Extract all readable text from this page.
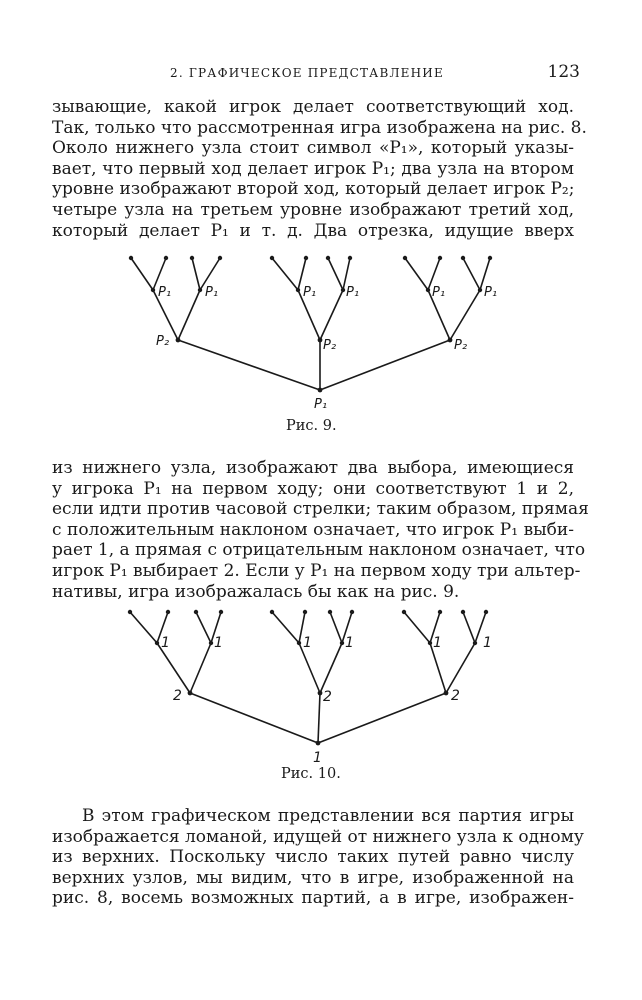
2. ГРАФИЧЕСКОЕ ПРЕДСТАВЛЕНИЕ	123
зывающие, какой игрок делает соответствующий ход.
Так, только что рассмотренная игра изображена на рис. 8.
Около нижнего узла стоит символ «P₁», который указы-
вает, что первый ход делает игрок P₁; два узла на втором
уровне изображают второй ход, который делает игрок P₂;
четыре узла на третьем уровне изображают третий ход,
который делает P₁ и т. д. Два отрезка, идущие вверх
P₁
P₂	P₂	P₂
P₁	P₁	P₁ P₁	P₁	P₁
Рис. 9.
из нижнего узла, изображают два выбора, имеющиеся
у игрока P₁ на первом ходу; они соответствуют 1 и 2,
если идти против часовой стрелки; таким образом, прямая
с положительным наклоном означает, что игрок P₁ выби-
рает 1, а прямая с отрицательным наклоном означает, что
игрок P₁ выбирает 2. Если у P₁ на первом ходу три альтер-
нативы, игра изображалась бы как на рис. 9.
1
2	2	2
1	1	1 1	1	1
Рис. 10.
В этом графическом представлении вся партия игры
изображается ломаной, идущей от нижнего узла к одному
из верхних. Поскольку число таких путей равно числу
верхних узлов, мы видим, что в игре, изображенной на
рис. 8, восемь возможных партий, а в игре, изображен-
